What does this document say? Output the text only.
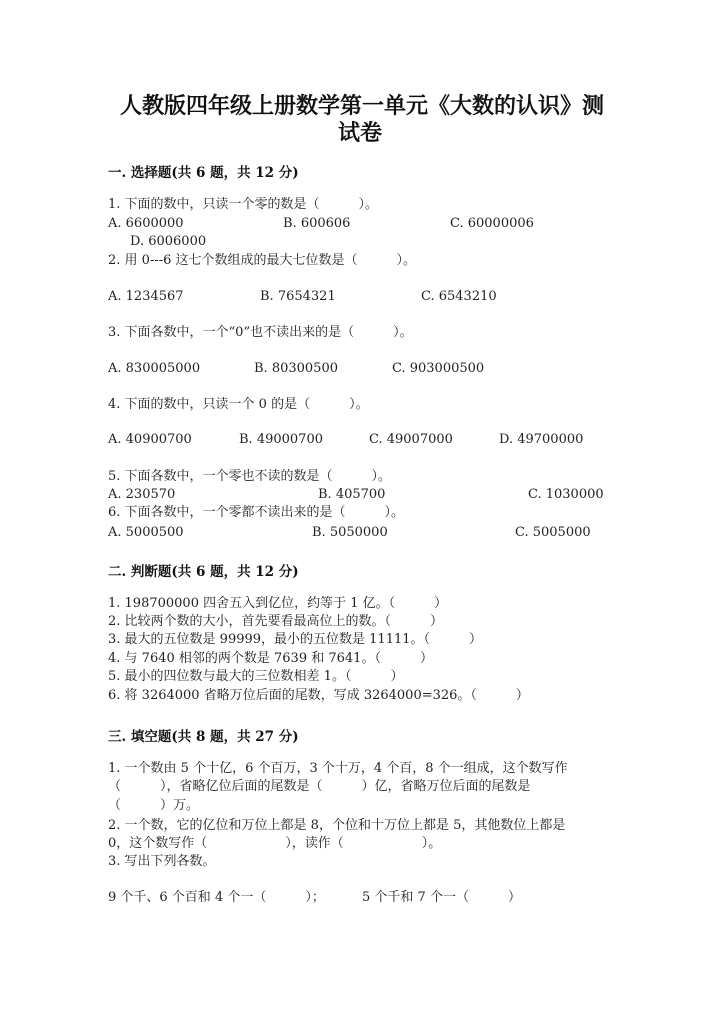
人教版四年级上册数学第一单元《大数的认识》测
试卷
一. 选择题(共 6 题，共 12 分)
1. 下面的数中，只读一个零的数是（　　　）。
A. 6600000	B. 600606	C. 60000006
D. 6006000
2. 用 0---6 这七个数组成的最大七位数是（　　　）。
A. 1234567	B. 7654321	C. 6543210
3. 下面各数中，一个“0”也不读出来的是（　　　）。
A. 830005000	B. 80300500	C. 903000500
4. 下面的数中，只读一个 0 的是（　　　）。
A. 40900700	B. 49000700	C. 49007000	D. 49700000
5. 下面各数中，一个零也不读的数是（　　　）。
A. 230570	B. 405700	C. 1030000
6. 下面各数中，一个零都不读出来的是（　　　）。
A. 5000500	B. 5050000	C. 5005000
二. 判断题(共 6 题，共 12 分)
1. 198700000 四舍五入到亿位，约等于 1 亿。（　　　）
2. 比较两个数的大小，首先要看最高位上的数。（　　　）
3. 最大的五位数是 99999，最小的五位数是 11111。（　　　）
4. 与 7640 相邻的两个数是 7639 和 7641。（　　　）
5. 最小的四位数与最大的三位数相差 1。（　　　）
6. 将 3264000 省略万位后面的尾数，写成 3264000=326。（　　　）
三. 填空题(共 8 题，共 27 分)
1. 一个数由 5 个十亿，6 个百万，3 个十万，4 个百，8 个一组成，这个数写作
（　　　），省略亿位后面的尾数是（　　　）亿，省略万位后面的尾数是
（　　　）万。
2. 一个数，它的亿位和万位上都是 8，个位和十万位上都是 5，其他数位上都是
0，这个数写作（　　　　　　），读作（　　　　　　）。
3. 写出下列各数。
9 个千、6 个百和 4 个一（　　　）；	5 个千和 7 个一（　　　）
